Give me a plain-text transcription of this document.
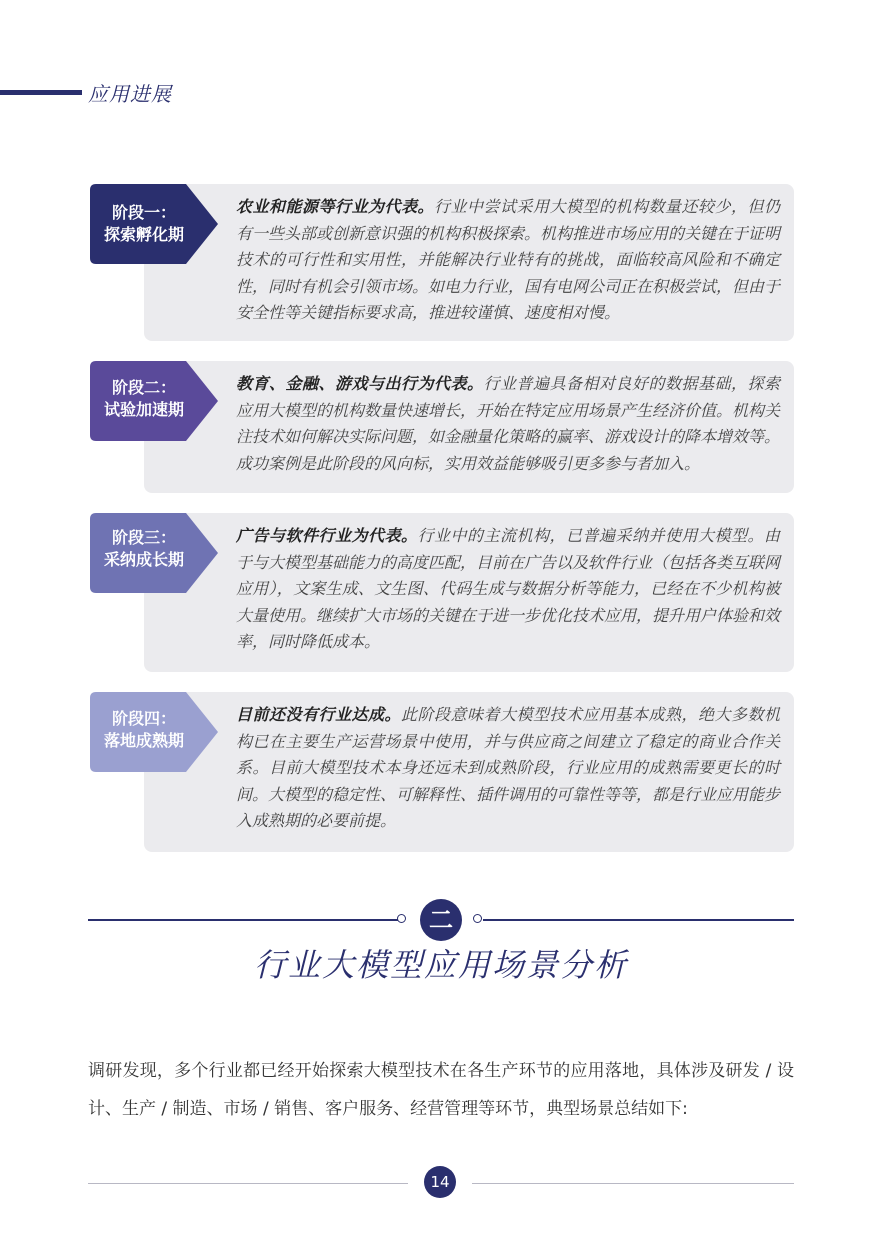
应用进展
阶段一：
探索孵化期
农业和能源等行业为代表。行业中尝试采用大模型的机构数量还较少，但仍有一些头部或创新意识强的机构积极探索。机构推进市场应用的关键在于证明技术的可行性和实用性，并能解决行业特有的挑战，面临较高风险和不确定性，同时有机会引领市场。如电力行业，国有电网公司正在积极尝试，但由于安全性等关键指标要求高，推进较谨慎、速度相对慢。
阶段二：
试验加速期
教育、金融、游戏与出行为代表。行业普遍具备相对良好的数据基础，探索应用大模型的机构数量快速增长，开始在特定应用场景产生经济价值。机构关注技术如何解决实际问题，如金融量化策略的赢率、游戏设计的降本增效等。成功案例是此阶段的风向标，实用效益能够吸引更多参与者加入。
阶段三：
采纳成长期
广告与软件行业为代表。行业中的主流机构，已普遍采纳并使用大模型。由于与大模型基础能力的高度匹配，目前在广告以及软件行业（包括各类互联网应用），文案生成、文生图、代码生成与数据分析等能力，已经在不少机构被大量使用。继续扩大市场的关键在于进一步优化技术应用，提升用户体验和效率，同时降低成本。
阶段四：
落地成熟期
目前还没有行业达成。此阶段意味着大模型技术应用基本成熟，绝大多数机构已在主要生产运营场景中使用，并与供应商之间建立了稳定的商业合作关系。目前大模型技术本身还远未到成熟阶段，行业应用的成熟需要更长的时间。大模型的稳定性、可解释性、插件调用的可靠性等等，都是行业应用能步入成熟期的必要前提。
二
行业大模型应用场景分析
调研发现，多个行业都已经开始探索大模型技术在各生产环节的应用落地，具体涉及研发 / 设计、生产 / 制造、市场 / 销售、客户服务、经营管理等环节，典型场景总结如下:
14
